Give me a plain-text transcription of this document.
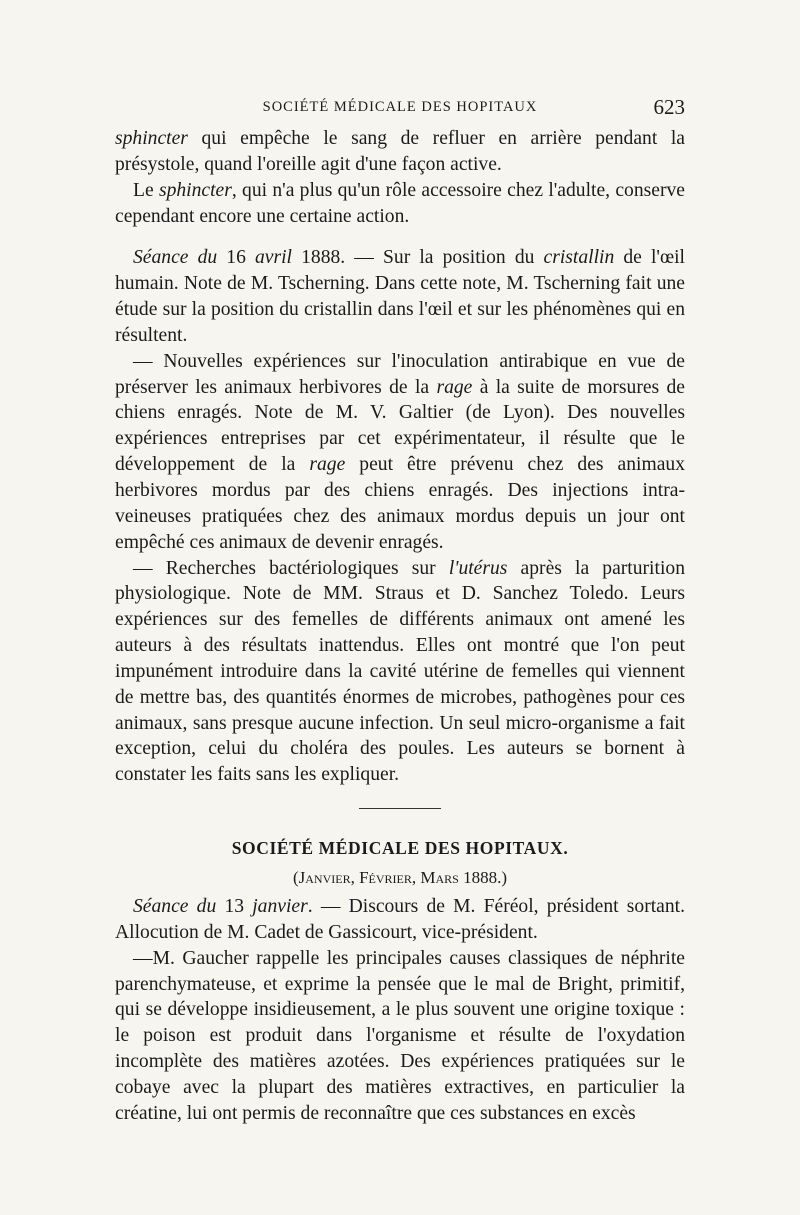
SOCIÉTÉ MÉDICALE DES HOPITAUX	623

sphincter qui empêche le sang de refluer en arrière pendant la présystole, quand l'oreille agit d'une façon active.

Le sphincter, qui n'a plus qu'un rôle accessoire chez l'adulte, conserve cependant encore une certaine action.

Séance du 16 avril 1888. — Sur la position du cristallin de l'œil humain. Note de M. Tscherning. Dans cette note, M. Tscherning fait une étude sur la position du cristallin dans l'œil et sur les phénomènes qui en résultent.

— Nouvelles expériences sur l'inoculation antirabique en vue de préserver les animaux herbivores de la rage à la suite de morsures de chiens enragés. Note de M. V. Galtier (de Lyon). Des nouvelles expériences entreprises par cet expérimentateur, il résulte que le développement de la rage peut être prévenu chez des animaux herbivores mordus par des chiens enragés. Des injections intra-veineuses pratiquées chez des animaux mordus depuis un jour ont empêché ces animaux de devenir enragés.

— Recherches bactériologiques sur l'utérus après la parturition physiologique. Note de MM. Straus et D. Sanchez Toledo. Leurs expériences sur des femelles de différents animaux ont amené les auteurs à des résultats inattendus. Elles ont montré que l'on peut impunément introduire dans la cavité utérine de femelles qui viennent de mettre bas, des quantités énormes de microbes, pathogènes pour ces animaux, sans presque aucune infection. Un seul micro-organisme a fait exception, celui du choléra des poules. Les auteurs se bornent à constater les faits sans les expliquer.

SOCIÉTÉ MÉDICALE DES HOPITAUX.

(Janvier, Février, Mars 1888.)

Séance du 13 janvier. — Discours de M. Féréol, président sortant. Allocution de M. Cadet de Gassicourt, vice-président.

—M. Gaucher rappelle les principales causes classiques de néphrite parenchymateuse, et exprime la pensée que le mal de Bright, primitif, qui se développe insidieusement, a le plus souvent une origine toxique : le poison est produit dans l'organisme et résulte de l'oxydation incomplète des matières azotées. Des expériences pratiquées sur le cobaye avec la plupart des matières extractives, en particulier la créatine, lui ont permis de reconnaître que ces substances en excès
